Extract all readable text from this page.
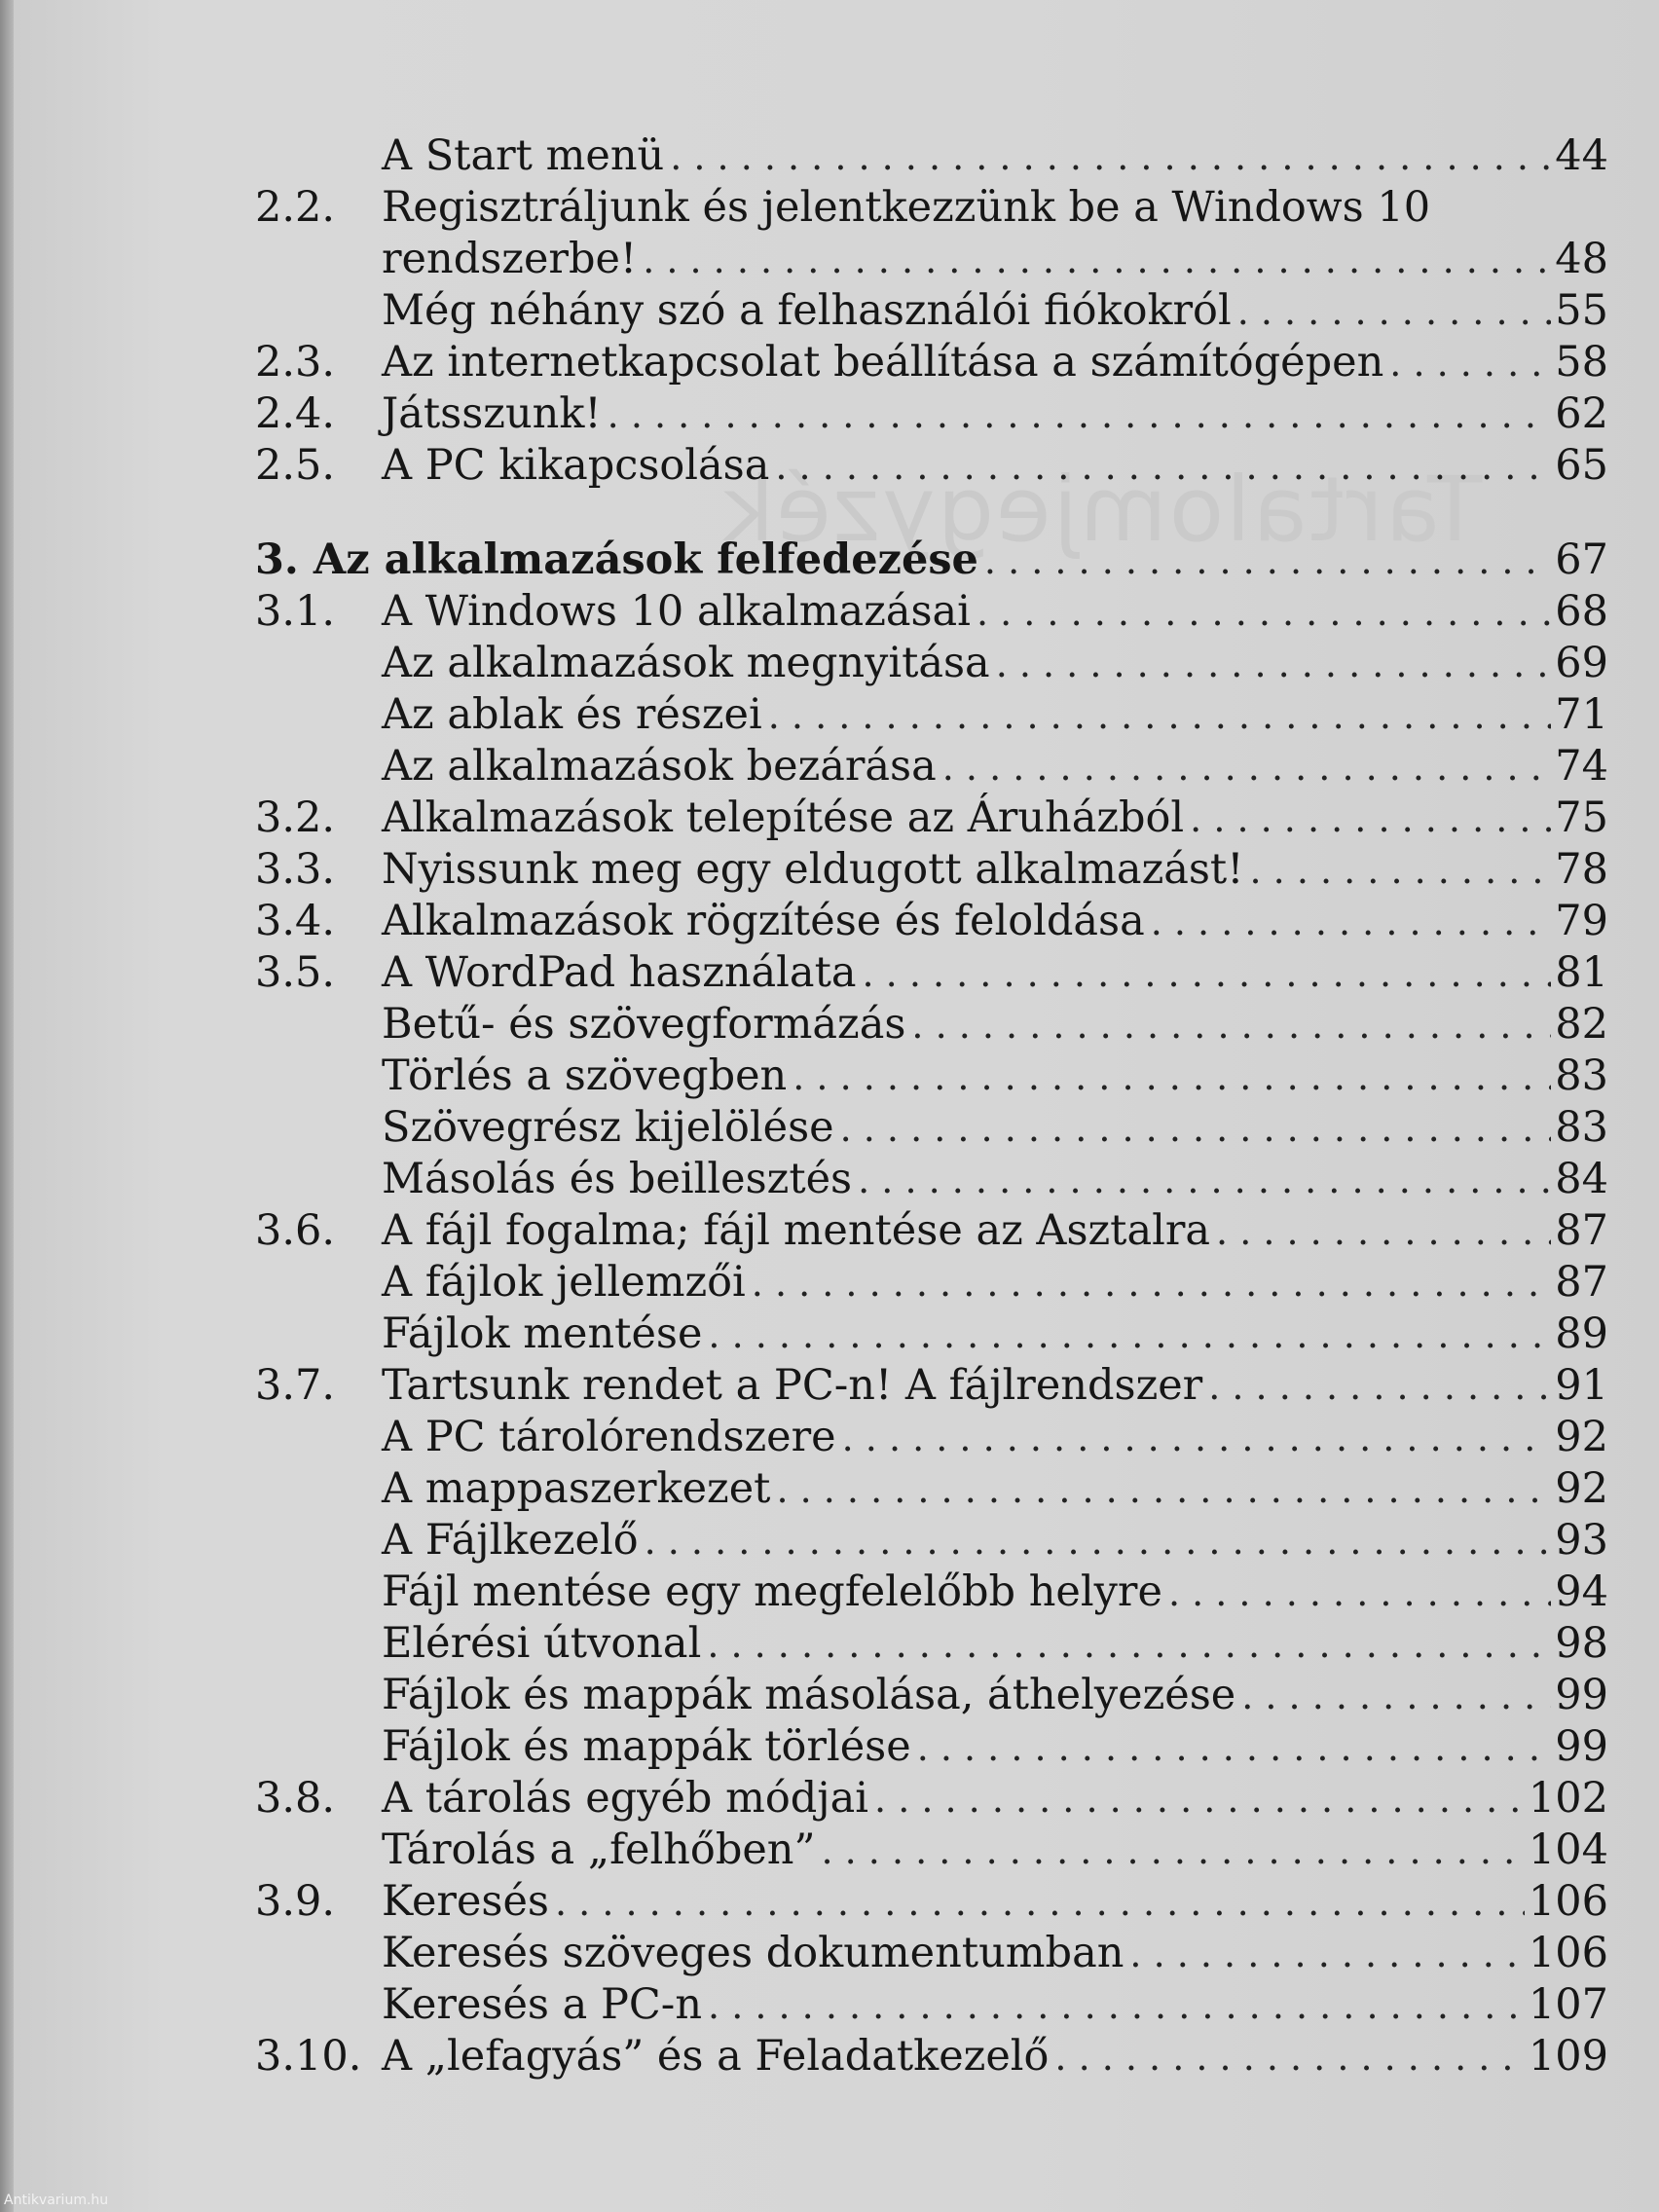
Tartalomjegyzék
A Start menü . . .	44
2.2.	Regisztráljunk és jelentkezzünk be a Windows 10
rendszerbe! . . .	48
Még néhány szó a felhasználói fiókokról . . .	55
2.3.	Az internetkapcsolat beállítása a számítógépen . . .	58
2.4.	Játsszunk! . . .	62
2.5.	A PC kikapcsolása . . .	65
3. Az alkalmazások felfedezése . . .	67
3.1.	A Windows 10 alkalmazásai . . .	68
Az alkalmazások megnyitása . . .	69
Az ablak és részei . . .	71
Az alkalmazások bezárása . . .	74
3.2.	Alkalmazások telepítése az Áruházból . . .	75
3.3.	Nyissunk meg egy eldugott alkalmazást! . . .	78
3.4.	Alkalmazások rögzítése és feloldása . . .	79
3.5.	A WordPad használata . . .	81
Betű- és szövegformázás . . .	82
Törlés a szövegben . . .	83
Szövegrész kijelölése . . .	83
Másolás és beillesztés . . .	84
3.6.	A fájl fogalma; fájl mentése az Asztalra . . .	87
A fájlok jellemzői . . .	87
Fájlok mentése . . .	89
3.7.	Tartsunk rendet a PC-n! A fájlrendszer . . .	91
A PC tárolórendszere . . .	92
A mappaszerkezet . . .	92
A Fájlkezelő . . .	93
Fájl mentése egy megfelelőbb helyre . . .	94
Elérési útvonal . . .	98
Fájlok és mappák másolása, áthelyezése . . .	99
Fájlok és mappák törlése . . .	99
3.8.	A tárolás egyéb módjai . . .	102
Tárolás a „felhőben” . . .	104
3.9.	Keresés . . .	106
Keresés szöveges dokumentumban . . .	106
Keresés a PC-n . . .	107
3.10. A „lefagyás” és a Feladatkezelő . . .	109
Antikvarium.hu
